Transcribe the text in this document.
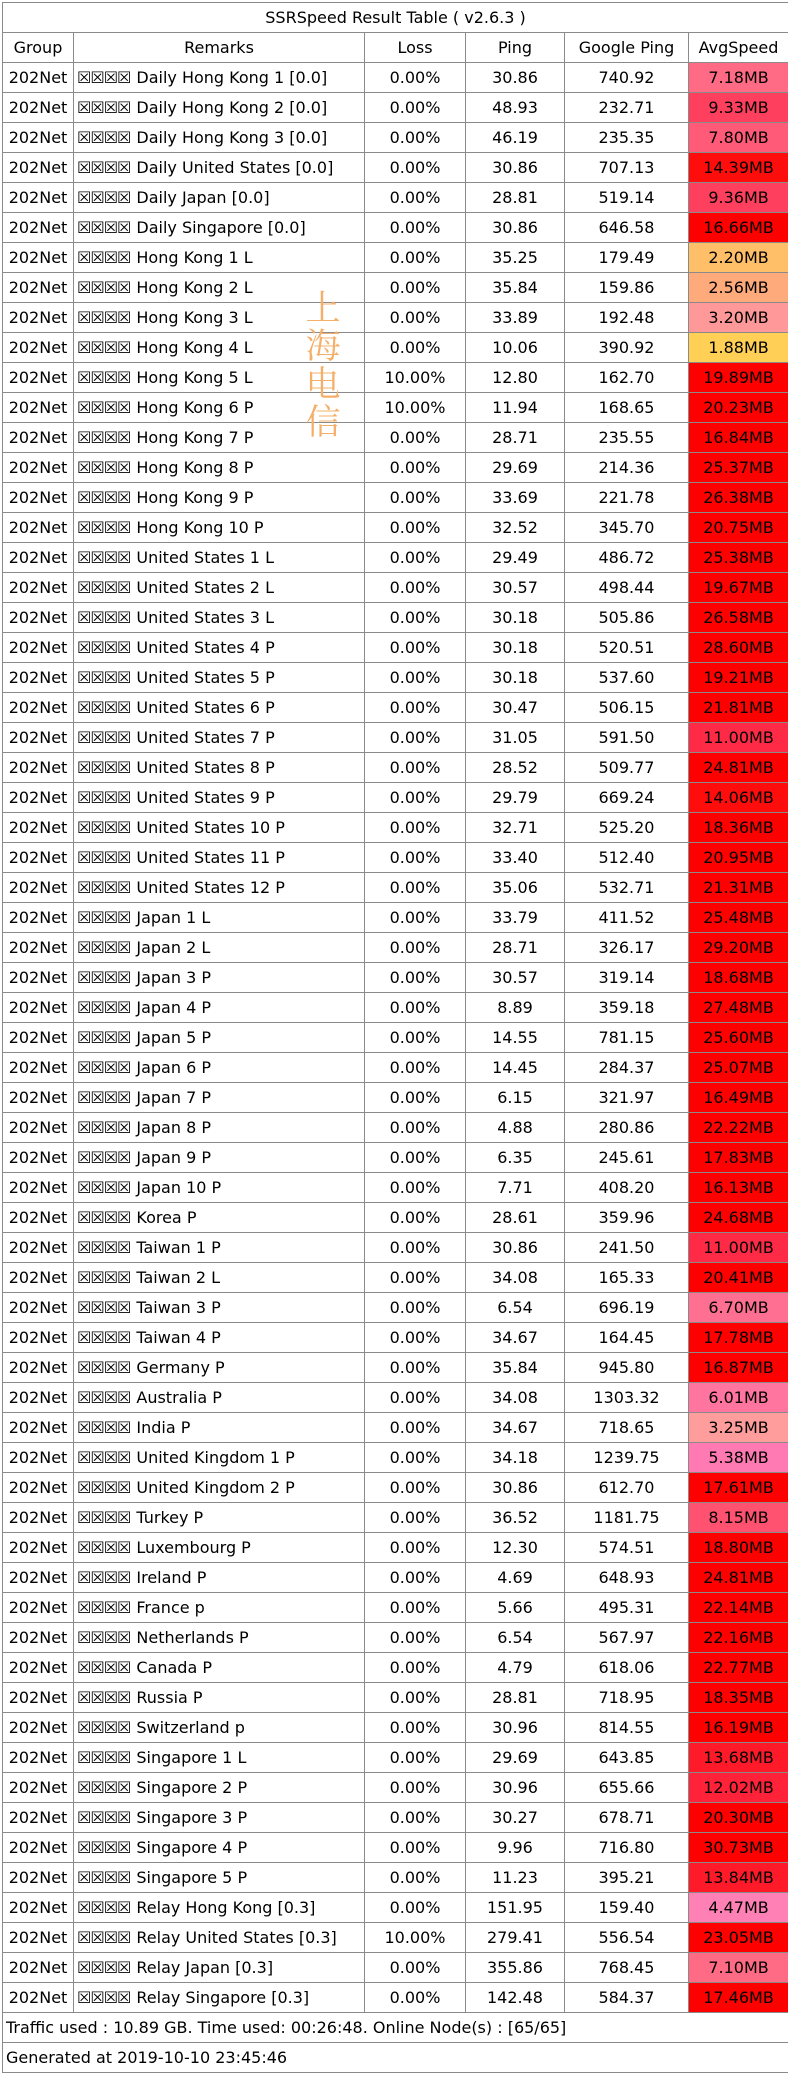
SSRSpeed Result Table ( v2.6.3 )					
Group	Remarks	Loss	Ping	Google Ping	AvgSpeed
202Net	☒☒☒☒ Daily Hong Kong 1 [0.0]	0.00%	30.86	740.92	7.18MB
202Net	☒☒☒☒ Daily Hong Kong 2 [0.0]	0.00%	48.93	232.71	9.33MB
202Net	☒☒☒☒ Daily Hong Kong 3 [0.0]	0.00%	46.19	235.35	7.80MB
202Net	☒☒☒☒ Daily United States [0.0]	0.00%	30.86	707.13	14.39MB
202Net	☒☒☒☒ Daily Japan [0.0]	0.00%	28.81	519.14	9.36MB
202Net	☒☒☒☒ Daily Singapore [0.0]	0.00%	30.86	646.58	16.66MB
202Net	☒☒☒☒ Hong Kong 1 L	0.00%	35.25	179.49	2.20MB
202Net	☒☒☒☒ Hong Kong 2 L	0.00%	35.84	159.86	2.56MB
202Net	☒☒☒☒ Hong Kong 3 L	0.00%	33.89	192.48	3.20MB
202Net	☒☒☒☒ Hong Kong 4 L	0.00%	10.06	390.92	1.88MB
202Net	☒☒☒☒ Hong Kong 5 L	10.00%	12.80	162.70	19.89MB
202Net	☒☒☒☒ Hong Kong 6 P	10.00%	11.94	168.65	20.23MB
202Net	☒☒☒☒ Hong Kong 7 P	0.00%	28.71	235.55	16.84MB
202Net	☒☒☒☒ Hong Kong 8 P	0.00%	29.69	214.36	25.37MB
202Net	☒☒☒☒ Hong Kong 9 P	0.00%	33.69	221.78	26.38MB
202Net	☒☒☒☒ Hong Kong 10 P	0.00%	32.52	345.70	20.75MB
202Net	☒☒☒☒ United States 1 L	0.00%	29.49	486.72	25.38MB
202Net	☒☒☒☒ United States 2 L	0.00%	30.57	498.44	19.67MB
202Net	☒☒☒☒ United States 3 L	0.00%	30.18	505.86	26.58MB
202Net	☒☒☒☒ United States 4 P	0.00%	30.18	520.51	28.60MB
202Net	☒☒☒☒ United States 5 P	0.00%	30.18	537.60	19.21MB
202Net	☒☒☒☒ United States 6 P	0.00%	30.47	506.15	21.81MB
202Net	☒☒☒☒ United States 7 P	0.00%	31.05	591.50	11.00MB
202Net	☒☒☒☒ United States 8 P	0.00%	28.52	509.77	24.81MB
202Net	☒☒☒☒ United States 9 P	0.00%	29.79	669.24	14.06MB
202Net	☒☒☒☒ United States 10 P	0.00%	32.71	525.20	18.36MB
202Net	☒☒☒☒ United States 11 P	0.00%	33.40	512.40	20.95MB
202Net	☒☒☒☒ United States 12 P	0.00%	35.06	532.71	21.31MB
202Net	☒☒☒☒ Japan 1 L	0.00%	33.79	411.52	25.48MB
202Net	☒☒☒☒ Japan 2 L	0.00%	28.71	326.17	29.20MB
202Net	☒☒☒☒ Japan 3 P	0.00%	30.57	319.14	18.68MB
202Net	☒☒☒☒ Japan 4 P	0.00%	8.89	359.18	27.48MB
202Net	☒☒☒☒ Japan 5 P	0.00%	14.55	781.15	25.60MB
202Net	☒☒☒☒ Japan 6 P	0.00%	14.45	284.37	25.07MB
202Net	☒☒☒☒ Japan 7 P	0.00%	6.15	321.97	16.49MB
202Net	☒☒☒☒ Japan 8 P	0.00%	4.88	280.86	22.22MB
202Net	☒☒☒☒ Japan 9 P	0.00%	6.35	245.61	17.83MB
202Net	☒☒☒☒ Japan 10 P	0.00%	7.71	408.20	16.13MB
202Net	☒☒☒☒ Korea P	0.00%	28.61	359.96	24.68MB
202Net	☒☒☒☒ Taiwan 1 P	0.00%	30.86	241.50	11.00MB
202Net	☒☒☒☒ Taiwan 2 L	0.00%	34.08	165.33	20.41MB
202Net	☒☒☒☒ Taiwan 3 P	0.00%	6.54	696.19	6.70MB
202Net	☒☒☒☒ Taiwan 4 P	0.00%	34.67	164.45	17.78MB
202Net	☒☒☒☒ Germany P	0.00%	35.84	945.80	16.87MB
202Net	☒☒☒☒ Australia P	0.00%	34.08	1303.32	6.01MB
202Net	☒☒☒☒ India P	0.00%	34.67	718.65	3.25MB
202Net	☒☒☒☒ United Kingdom 1 P	0.00%	34.18	1239.75	5.38MB
202Net	☒☒☒☒ United Kingdom 2 P	0.00%	30.86	612.70	17.61MB
202Net	☒☒☒☒ Turkey P	0.00%	36.52	1181.75	8.15MB
202Net	☒☒☒☒ Luxembourg P	0.00%	12.30	574.51	18.80MB
202Net	☒☒☒☒ Ireland P	0.00%	4.69	648.93	24.81MB
202Net	☒☒☒☒ France p	0.00%	5.66	495.31	22.14MB
202Net	☒☒☒☒ Netherlands P	0.00%	6.54	567.97	22.16MB
202Net	☒☒☒☒ Canada P	0.00%	4.79	618.06	22.77MB
202Net	☒☒☒☒ Russia P	0.00%	28.81	718.95	18.35MB
202Net	☒☒☒☒ Switzerland p	0.00%	30.96	814.55	16.19MB
202Net	☒☒☒☒ Singapore 1 L	0.00%	29.69	643.85	13.68MB
202Net	☒☒☒☒ Singapore 2 P	0.00%	30.96	655.66	12.02MB
202Net	☒☒☒☒ Singapore 3 P	0.00%	30.27	678.71	20.30MB
202Net	☒☒☒☒ Singapore 4 P	0.00%	9.96	716.80	30.73MB
202Net	☒☒☒☒ Singapore 5 P	0.00%	11.23	395.21	13.84MB
202Net	☒☒☒☒ Relay Hong Kong [0.3]	0.00%	151.95	159.40	4.47MB
202Net	☒☒☒☒ Relay United States [0.3]	10.00%	279.41	556.54	23.05MB
202Net	☒☒☒☒ Relay Japan [0.3]	0.00%	355.86	768.45	7.10MB
202Net	☒☒☒☒ Relay Singapore [0.3]	0.00%	142.48	584.37	17.46MB
Traffic used : 10.89 GB. Time used: 00:26:48. Online Node(s) : [65/65]					
Generated at 2019-10-10 23:45:46					
上
海
电
信
